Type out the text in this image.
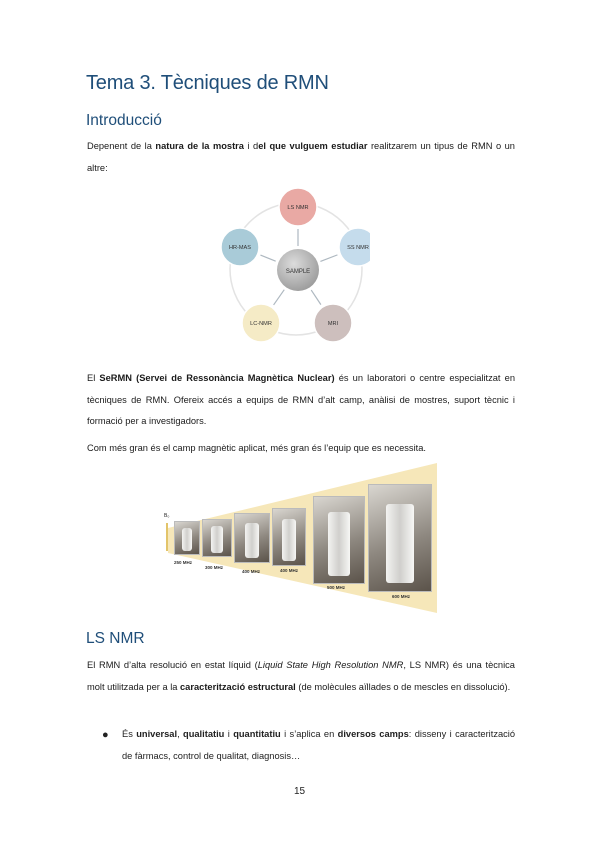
Tema 3. Tècniques de RMN
Introducció

Depenent de la natura de la mostra i del que vulguem estudiar realitzarem un tipus de RMN o un altre:

SAMPLE
LS NMR
SS NMR
MRI
LC-NMR
HR-MAS

El SeRMN (Servei de Ressonància Magnètica Nuclear) és un laboratori o centre especialitzat en tècniques de RMN. Ofereix accés a equips de RMN d’alt camp, anàlisi de mostres, suport tècnic i formació per a investigadors.

Com més gran és el camp magnètic aplicat, més gran és l’equip que es necessita.

B₀
250 MHz
300 MHz
400 MHz	400 MHz
500 MHz
600 MHz
LS NMR

El RMN d’alta resolució en estat líquid (Liquid State High Resolution NMR, LS NMR) és una tècnica molt utilitzada per a la caracterització estructural (de molècules aïllades o de mescles en dissolució).

● És universal, qualitatiu i quantitatiu i s’aplica en diversos camps: disseny i caracterització de fàrmacs, control de qualitat, diagnosis…

15
